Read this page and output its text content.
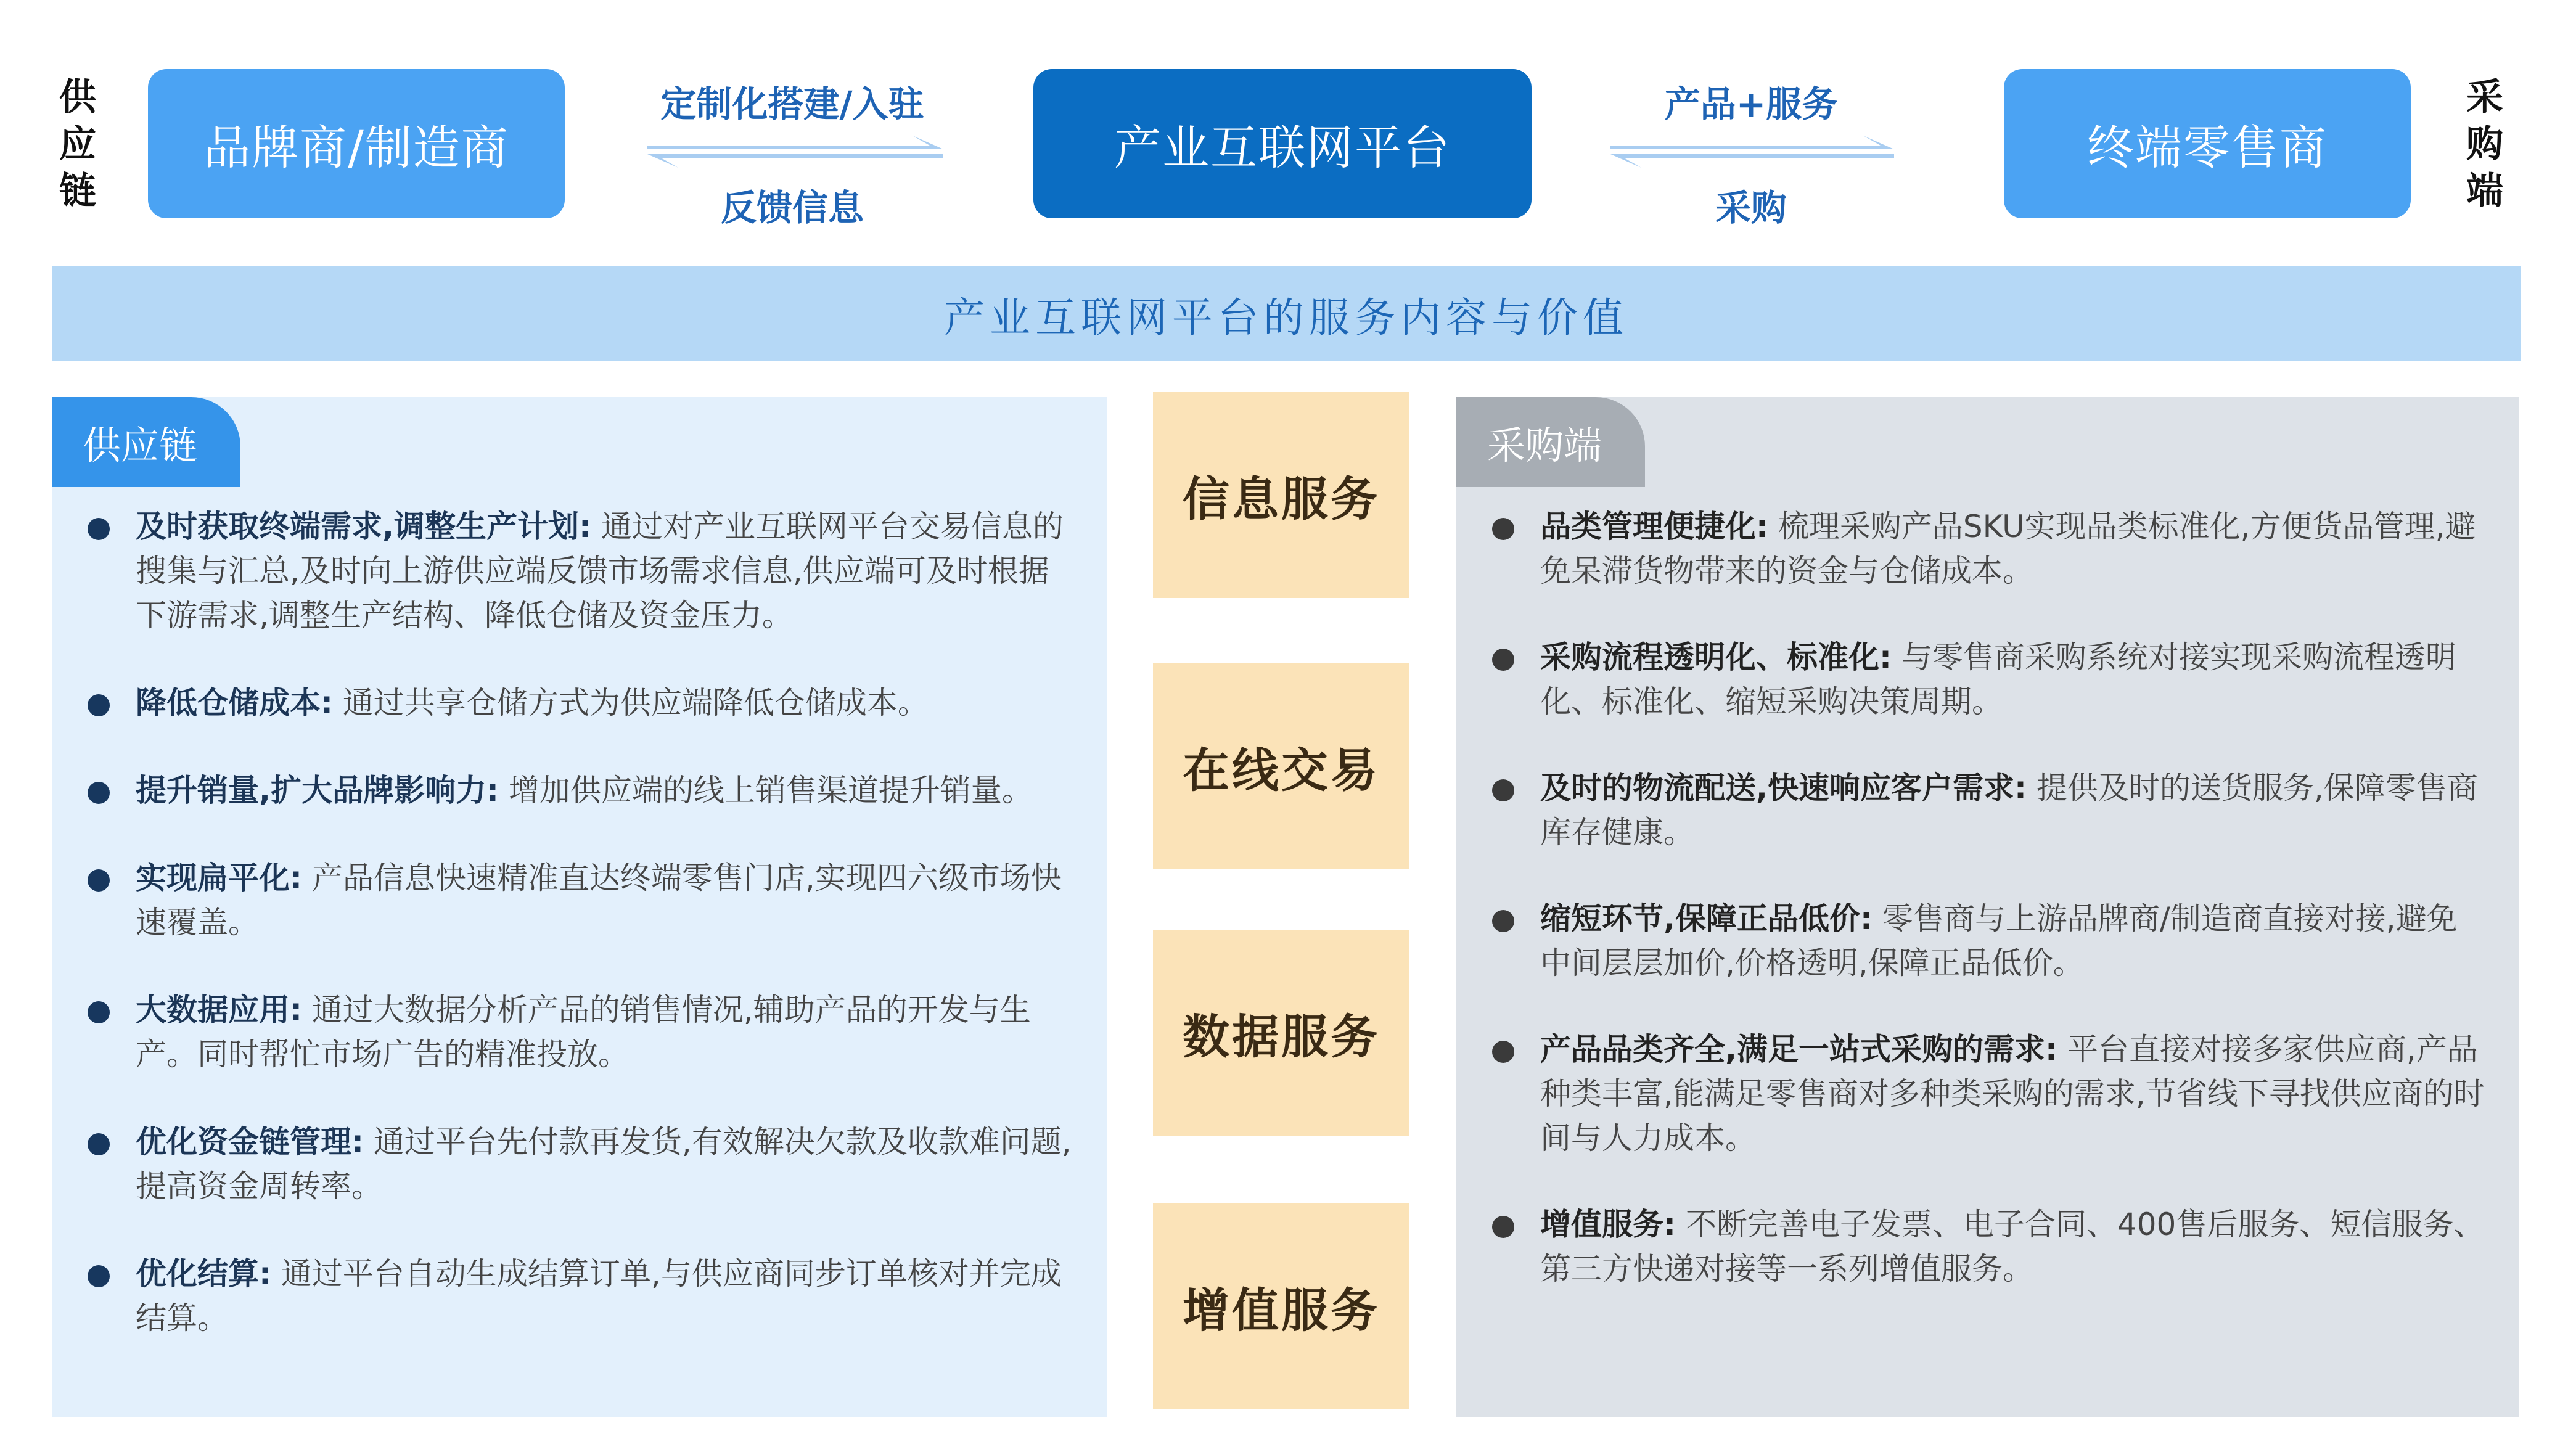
供
应
链
采
购
端
品牌商/制造商	产业互联网平台	终端零售商
定制化搭建/入驻
反馈信息
产品+服务
采购
产业互联网平台的服务内容与价值
供应链
及时获取终端需求,调整生产计划: 通过对产业互联网平台交易信息的搜集与汇总,及时向上游供应端反馈市场需求信息,供应端可及时根据下游需求,调整生产结构、降低仓储及资金压力。
降低仓储成本: 通过共享仓储方式为供应端降低仓储成本。
提升销量,扩大品牌影响力: 增加供应端的线上销售渠道提升销量。
实现扁平化: 产品信息快速精准直达终端零售门店,实现四六级市场快速覆盖。
大数据应用: 通过大数据分析产品的销售情况,辅助产品的开发与生产。同时帮忙市场广告的精准投放。
优化资金链管理: 通过平台先付款再发货,有效解决欠款及收款难问题,提高资金周转率。
优化结算: 通过平台自动生成结算订单,与供应商同步订单核对并完成结算。
信息服务
在线交易
数据服务
增值服务
采购端
品类管理便捷化: 梳理采购产品SKU实现品类标准化,方便货品管理,避免呆滞货物带来的资金与仓储成本。
采购流程透明化、标准化: 与零售商采购系统对接实现采购流程透明化、标准化、缩短采购决策周期。
及时的物流配送,快速响应客户需求: 提供及时的送货服务,保障零售商库存健康。
缩短环节,保障正品低价: 零售商与上游品牌商/制造商直接对接,避免中间层层加价,价格透明,保障正品低价。
产品品类齐全,满足一站式采购的需求: 平台直接对接多家供应商,产品种类丰富,能满足零售商对多种类采购的需求,节省线下寻找供应商的时间与人力成本。
增值服务: 不断完善电子发票、电子合同、400售后服务、短信服务、第三方快递对接等一系列增值服务。
